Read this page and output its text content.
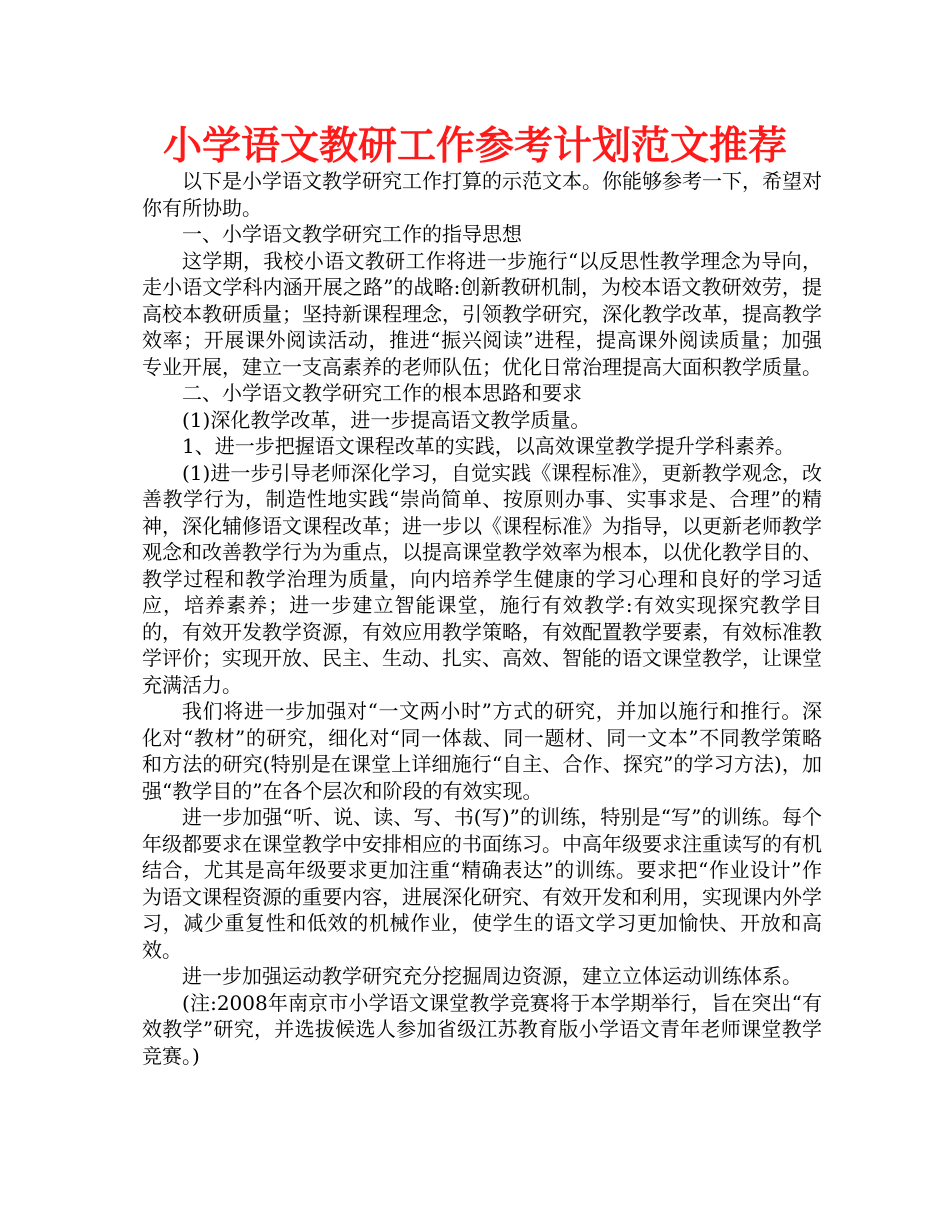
小学语文教研工作参考计划范文推荐

以下是小学语文教学研究工作打算的示范文本。你能够参考一下，希望对你有所协助。

一、小学语文教学研究工作的指导思想

这学期，我校小语文教研工作将进一步施行“以反思性教学理念为导向，走小语文学科内涵开展之路”的战略:创新教研机制，为校本语文教研效劳，提高校本教研质量；坚持新课程理念，引领教学研究，深化教学改革，提高教学效率；开展课外阅读活动，推进“振兴阅读”进程，提高课外阅读质量；加强专业开展，建立一支高素养的老师队伍；优化日常治理提高大面积教学质量。

二、小学语文教学研究工作的根本思路和要求

(1)深化教学改革，进一步提高语文教学质量。

1、进一步把握语文课程改革的实践，以高效课堂教学提升学科素养。

(1)进一步引导老师深化学习，自觉实践《课程标准》，更新教学观念，改善教学行为，制造性地实践“崇尚简单、按原则办事、实事求是、合理”的精神，深化辅修语文课程改革；进一步以《课程标准》为指导，以更新老师教学观念和改善教学行为为重点，以提高课堂教学效率为根本，以优化教学目的、教学过程和教学治理为质量，向内培养学生健康的学习心理和良好的学习适应，培养素养；进一步建立智能课堂，施行有效教学:有效实现探究教学目的，有效开发教学资源，有效应用教学策略，有效配置教学要素，有效标准教学评价；实现开放、民主、生动、扎实、高效、智能的语文课堂教学，让课堂充满活力。

我们将进一步加强对“一文两小时”方式的研究，并加以施行和推行。深化对“教材”的研究，细化对“同一体裁、同一题材、同一文本”不同教学策略和方法的研究(特别是在课堂上详细施行“自主、合作、探究”的学习方法)，加强“教学目的”在各个层次和阶段的有效实现。

进一步加强“听、说、读、写、书(写)”的训练，特别是“写”的训练。每个年级都要求在课堂教学中安排相应的书面练习。中高年级要求注重读写的有机结合，尤其是高年级要求更加注重“精确表达”的训练。要求把“作业设计”作为语文课程资源的重要内容，进展深化研究、有效开发和利用，实现课内外学习，减少重复性和低效的机械作业，使学生的语文学习更加愉快、开放和高效。

进一步加强运动教学研究充分挖掘周边资源，建立立体运动训练体系。

(注:2008年南京市小学语文课堂教学竞赛将于本学期举行，旨在突出“有效教学”研究，并选拔候选人参加省级江苏教育版小学语文青年老师课堂教学竞赛。)
